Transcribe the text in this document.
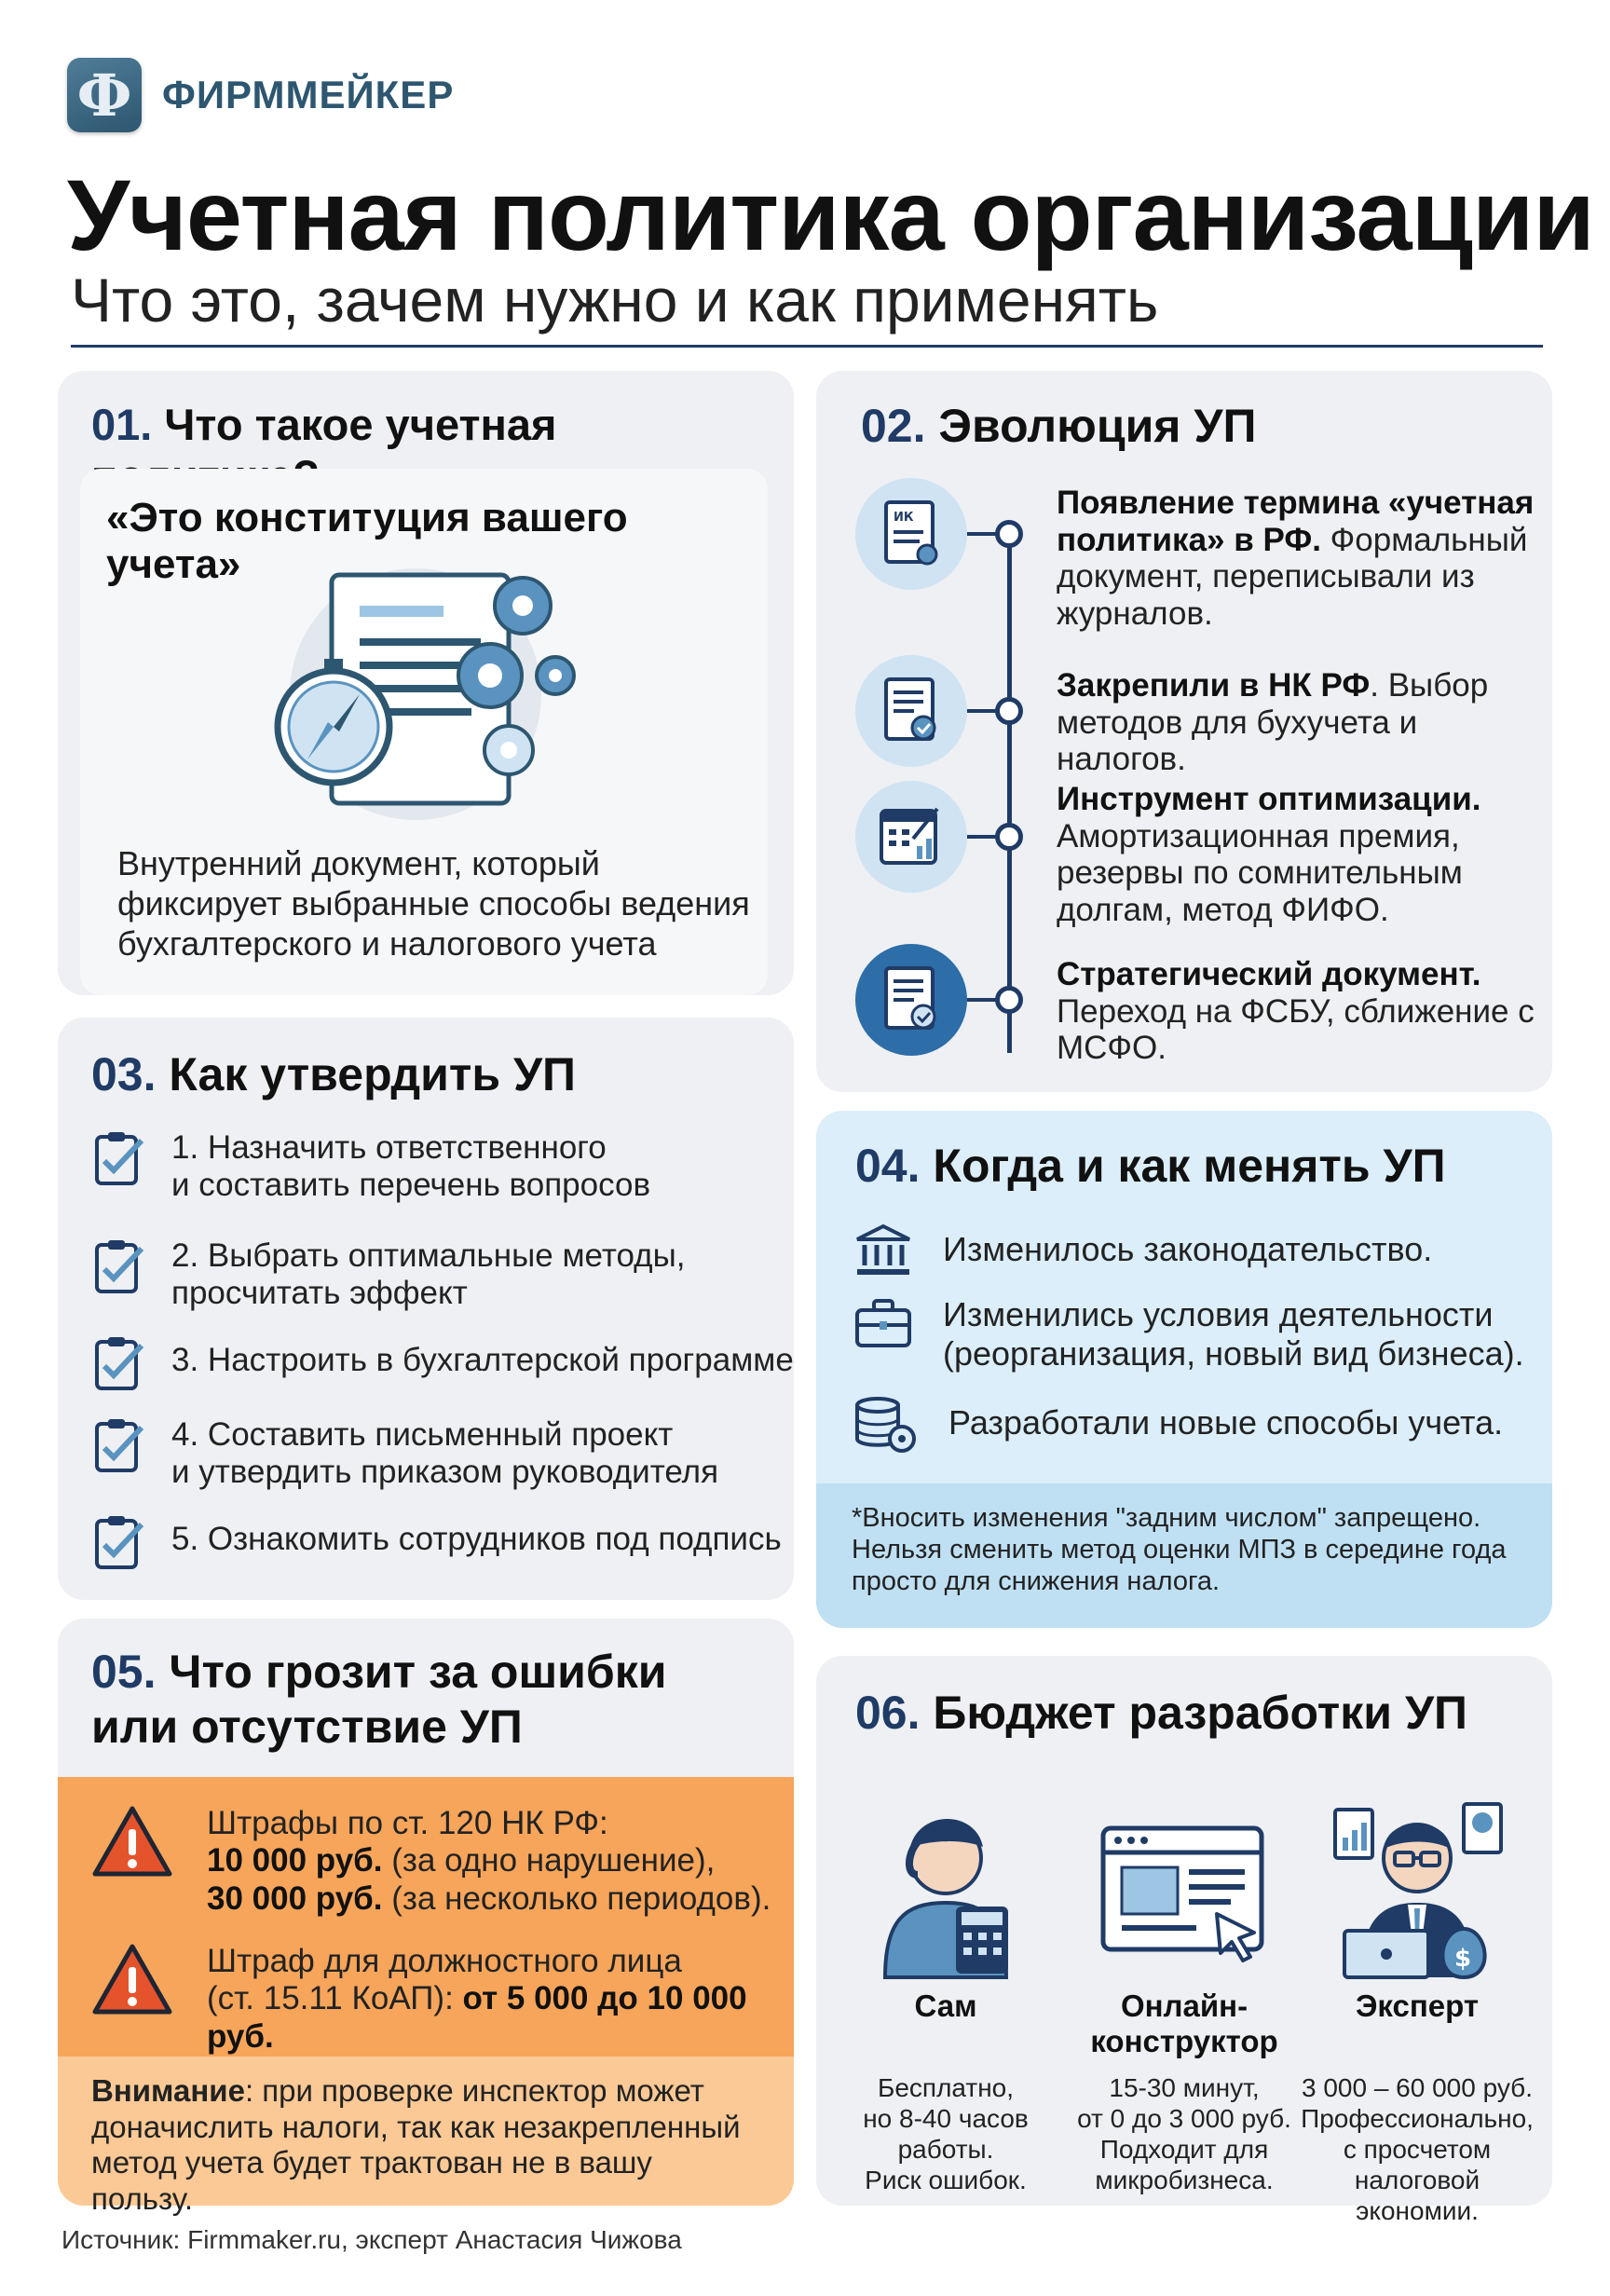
Ф ФИРММЕЙКЕР
Учетная политика организации
Что это, зачем нужно и как применять
01. Что такое учетная
«Это конституция вашего учета»
Внутренний документ, который фиксирует выбранные способы ведения бухгалтерского и налогового учета
02. Эволюция УП
ИК	Появление термина «учетная политика» в РФ. Формальный документ, переписывали из журналов.
Закрепили в НК РФ. Выбор методов для бухучета и налогов.
Инструмент оптимизации. Амортизационная премия, резервы по сомнительным долгам, метод ФИФО.
Стратегический документ. Переход на ФСБУ, сближение с МСФО.
03. Как утвердить УП
1. Назначить ответственного
и составить перечень вопросов
2. Выбрать оптимальные методы,
просчитать эффект
3. Настроить в бухгалтерской программе
4. Составить письменный проект
и утвердить приказом руководителя
5. Ознакомить сотрудников под подпись
04. Когда и как менять УП
Изменилось законодательство.
Изменились условия деятельности
(реорганизация, новый вид бизнеса).
Разработали новые способы учета.
*Вносить изменения "задним числом" запрещено. Нельзя сменить метод оценки МПЗ в середине года просто для снижения налога.
05. Что грозит за ошибки
или отсутствие УП
Штрафы по ст. 120 НК РФ:
10 000 руб. (за одно нарушение),
30 000 руб. (за несколько периодов).
Штраф для должностного лица
(ст. 15.11 КоАП): от 5 000 до 10 000 руб.
Внимание: при проверке инспектор может доначислить налоги, так как незакрепленный метод учета будет трактован не в вашу пользу.
06. Бюджет разработки УП
Сам
Бесплатно,
но 8-40 часов
работы.
Риск ошибок.
Онлайн-
конструктор
15-30 минут,
от 0 до 3 000 руб.
Подходит для
микробизнеса.
$
Эксперт
3 000 – 60 000 руб.
Профессионально,
с просчетом
налоговой
экономии.
Источник: Firmmaker.ru, эксперт Анастасия Чижова
